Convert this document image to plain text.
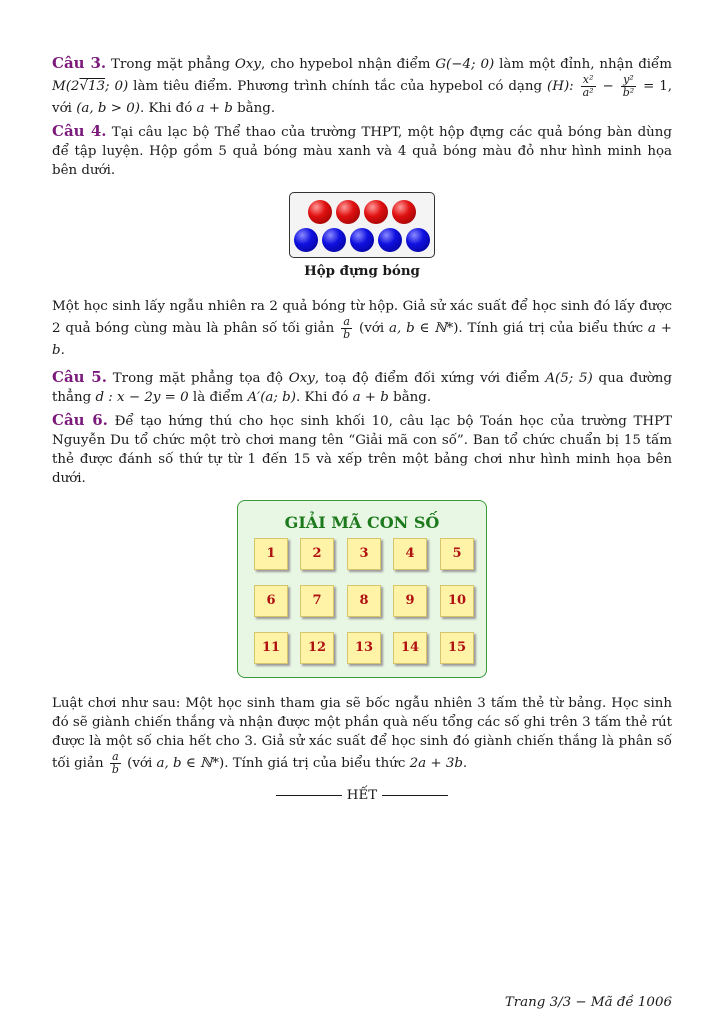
Câu 3. Trong mặt phẳng Oxy, cho hypebol nhận điểm G(−4; 0) làm một đỉnh, nhận điểm M(2√13; 0) làm tiêu điểm. Phương trình chính tắc của hypebol có dạng (H): $\frac{\text{x²}}{\text{a²}} - \frac{\text{y²}}{\text{b²}} = 1$, với (a, b > 0). Khi đó a + b bằng.

Câu 4. Tại câu lạc bộ Thể thao của trường THPT, một hộp đựng các quả bóng bàn dùng để tập luyện. Hộp gồm 5 quả bóng màu xanh và 4 quả bóng màu đỏ như hình minh họa bên dưới.

Hộp đựng bóng

Một học sinh lấy ngẫu nhiên ra 2 quả bóng từ hộp. Giả sử xác suất để học sinh đó lấy được 2 quả bóng cùng màu là phân số tối giản $\frac{a}{b}$ (với a, b ∈ ℕ*). Tính giá trị của biểu thức a + b.

Câu 5. Trong mặt phẳng tọa độ Oxy, toạ độ điểm đối xứng với điểm A(5; 5) qua đường thẳng d : x − 2y = 0 là điểm A′(a; b). Khi đó a + b bằng.

Câu 6. Để tạo hứng thú cho học sinh khối 10, câu lạc bộ Toán học của trường THPT Nguyễn Du tổ chức một trò chơi mang tên “Giải mã con số”. Ban tổ chức chuẩn bị 15 tấm thẻ được đánh số thứ tự từ 1 đến 15 và xếp trên một bảng chơi như hình minh họa bên dưới.

GIẢI MÃ CON SỐ
1	2	3	4	5
6	7	8	9	10
11	12	13	14	15

Luật chơi như sau: Một học sinh tham gia sẽ bốc ngẫu nhiên 3 tấm thẻ từ bảng. Học sinh đó sẽ giành chiến thắng và nhận được một phần quà nếu tổng các số ghi trên 3 tấm thẻ rút được là một số chia hết cho 3. Giả sử xác suất để học sinh đó giành chiến thắng là phân số tối giản $\frac{a}{b}$ (với a, b ∈ ℕ*). Tính giá trị của biểu thức 2a + 3b.

HẾT
Trang 3/3 − Mã đề 1006
